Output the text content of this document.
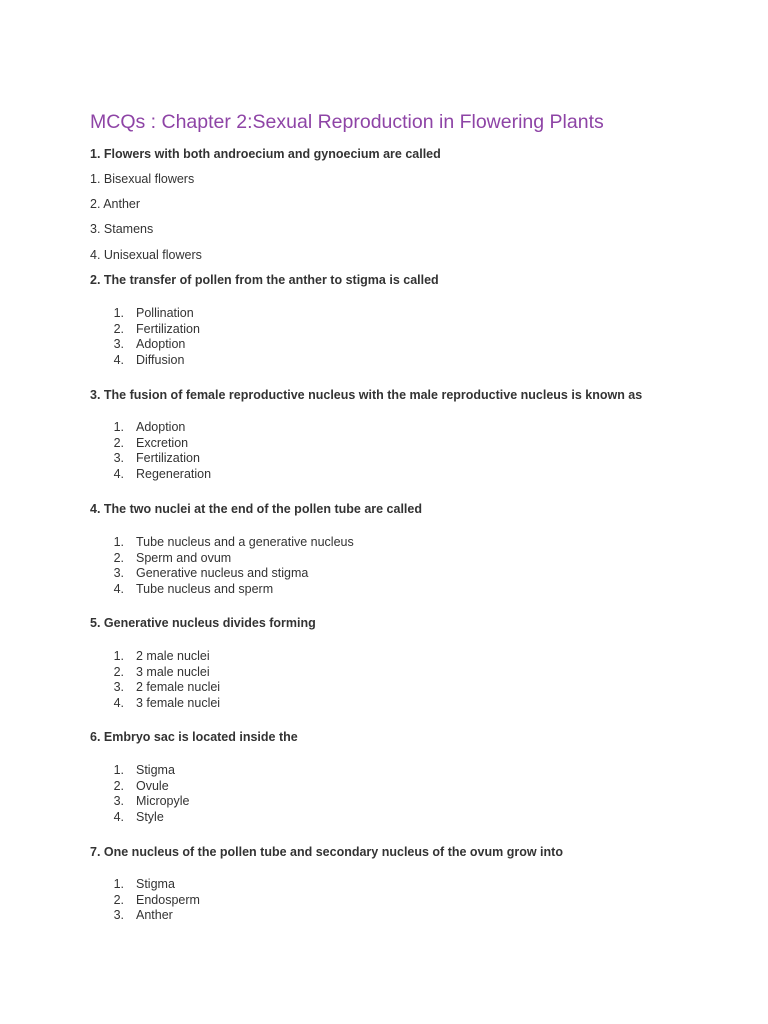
MCQs : Chapter 2:Sexual Reproduction in Flowering Plants

1. Flowers with both androecium and gynoecium are called

1. Bisexual flowers

2. Anther

3. Stamens

4. Unisexual flowers

2. The transfer of pollen from the anther to stigma is called

1. Pollination
2. Fertilization
3. Adoption
4. Diffusion

3. The fusion of female reproductive nucleus with the male reproductive nucleus is known as

1. Adoption
2. Excretion
3. Fertilization
4. Regeneration

4. The two nuclei at the end of the pollen tube are called

1. Tube nucleus and a generative nucleus
2. Sperm and ovum
3. Generative nucleus and stigma
4. Tube nucleus and sperm

5. Generative nucleus divides forming

1. 2 male nuclei
2. 3 male nuclei
3. 2 female nuclei
4. 3 female nuclei

6. Embryo sac is located inside the

1. Stigma
2. Ovule
3. Micropyle
4. Style

7. One nucleus of the pollen tube and secondary nucleus of the ovum grow into

1. Stigma
2. Endosperm
3. Anther
